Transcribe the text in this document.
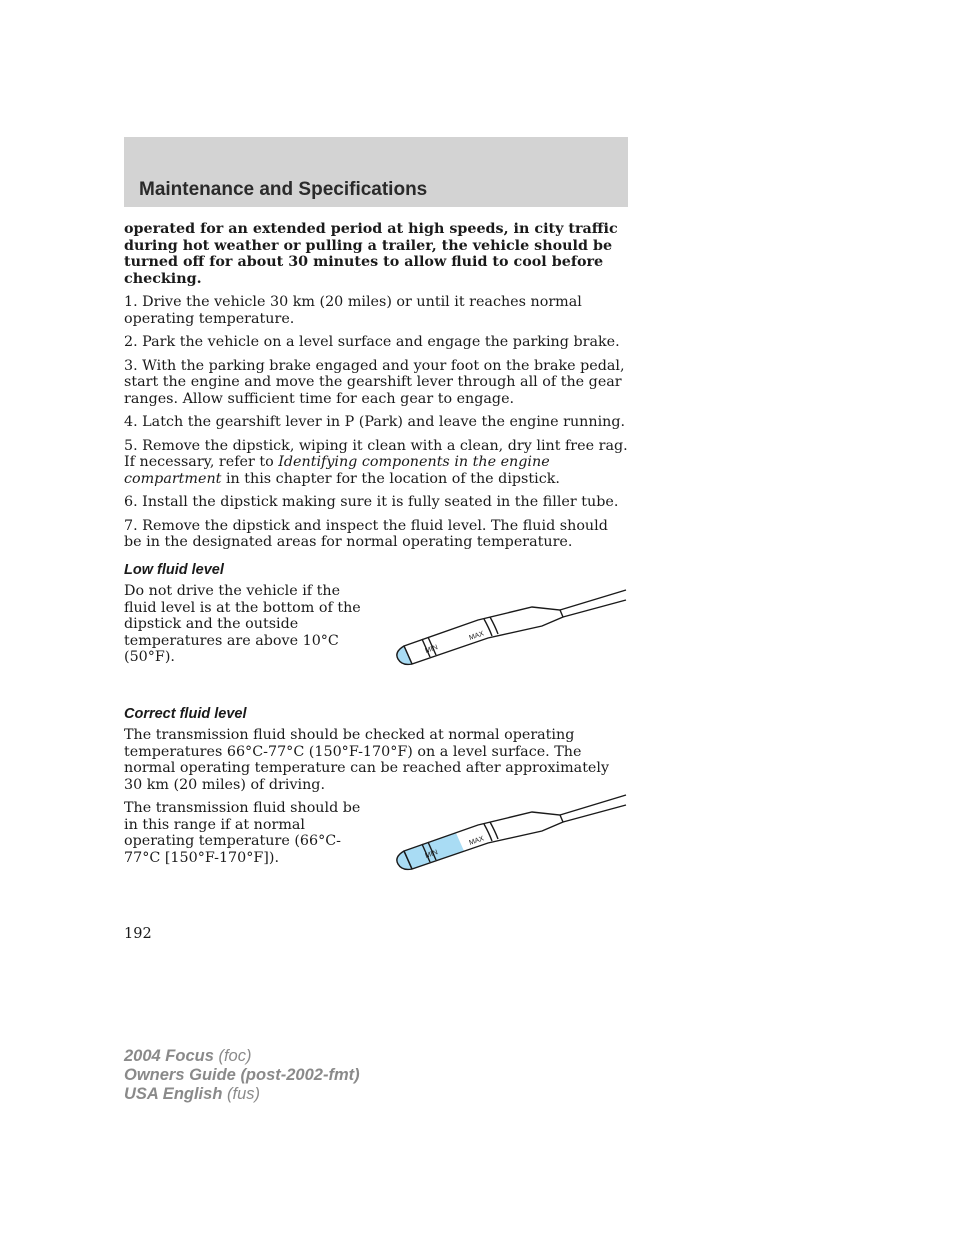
Maintenance and Specifications

operated for an extended period at high speeds, in city traffic during hot weather or pulling a trailer, the vehicle should be turned off for about 30 minutes to allow fluid to cool before checking.

1. Drive the vehicle 30 km (20 miles) or until it reaches normal operating temperature.

2. Park the vehicle on a level surface and engage the parking brake.

3. With the parking brake engaged and your foot on the brake pedal, start the engine and move the gearshift lever through all of the gear ranges. Allow sufficient time for each gear to engage.

4. Latch the gearshift lever in P (Park) and leave the engine running.

5. Remove the dipstick, wiping it clean with a clean, dry lint free rag. If necessary, refer to Identifying components in the engine compartment in this chapter for the location of the dipstick.

6. Install the dipstick making sure it is fully seated in the filler tube.

7. Remove the dipstick and inspect the fluid level. The fluid should be in the designated areas for normal operating temperature.

Low fluid level

Do not drive the vehicle if the fluid level is at the bottom of the dipstick and the outside temperatures are above 10°C (50°F).

Correct fluid level

The transmission fluid should be checked at normal operating temperatures 66°C-77°C (150°F-170°F) on a level surface. The normal operating temperature can be reached after approximately 30 km (20 miles) of driving.

The transmission fluid should be in this range if at normal operating temperature (66°C-77°C [150°F-170°F]).

MIN
MAX
MIN
MAX
192
2004 Focus (foc)
Owners Guide (post-2002-fmt)
USA English (fus)
